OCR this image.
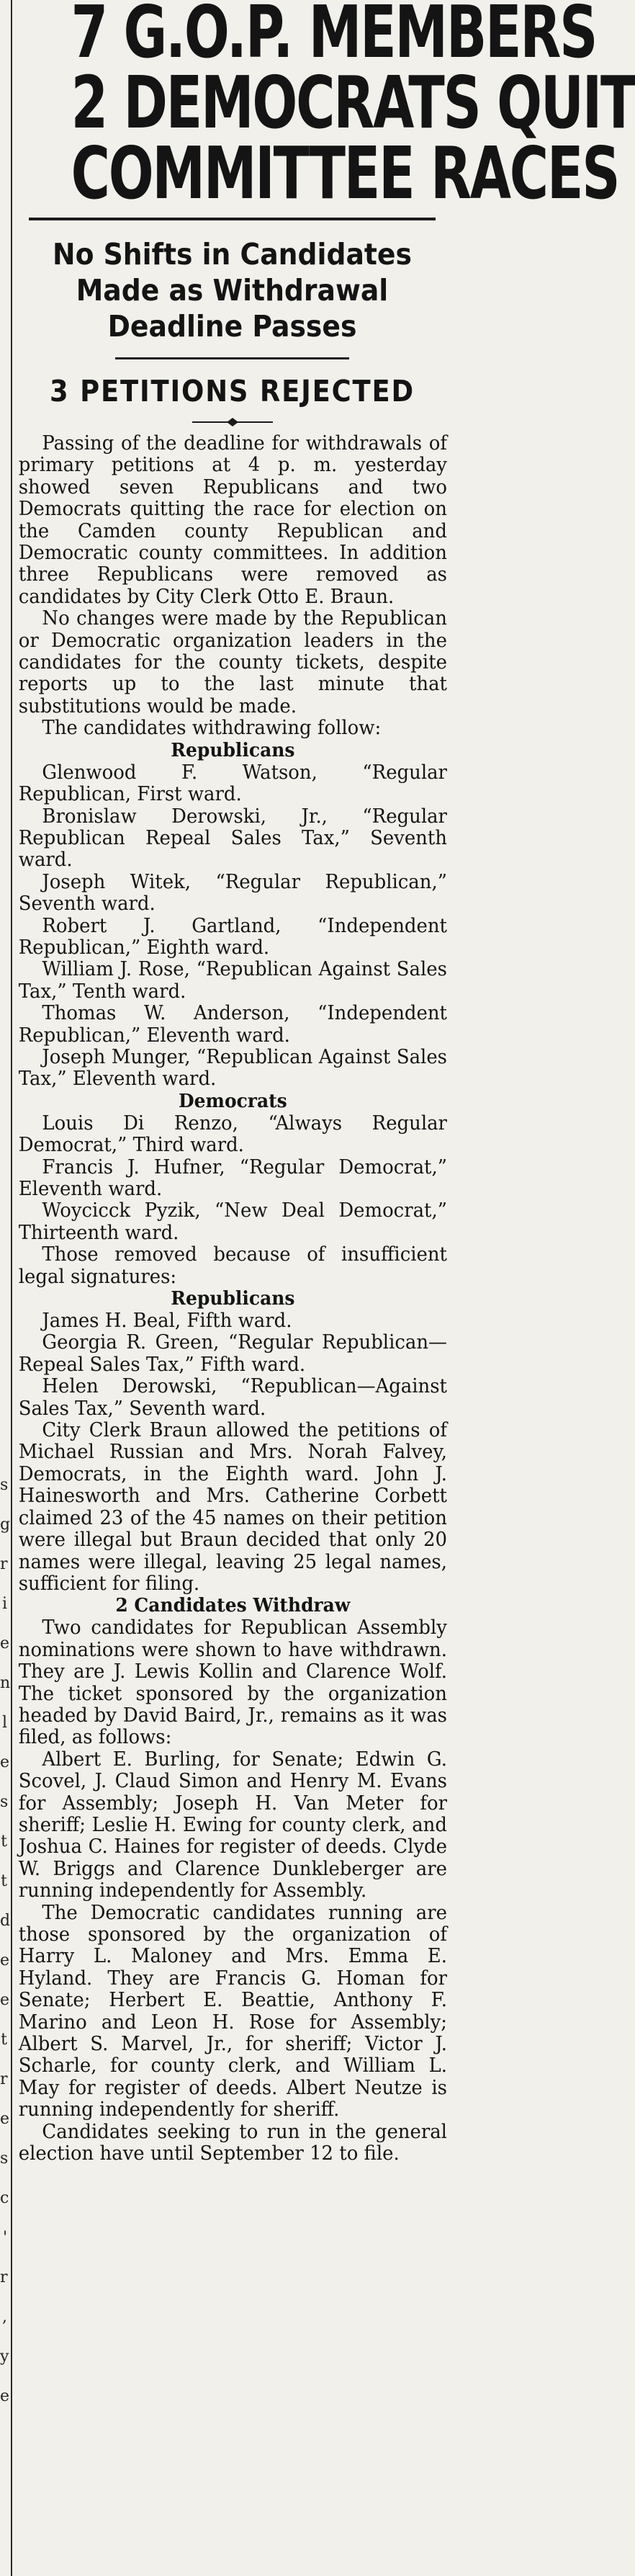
s
g
r
i
e
n
l
e
s
t
t
d
e
e
t
r
e
s
c
'
r
,
y
e
7 G.O.P. MEMBERS
2 DEMOCRATS QUIT
COMMITTEE RACES
No Shifts in Candidates
Made as Withdrawal
Deadline Passes
3 PETITIONS REJECTED

Passing of the deadline for withdrawals of primary petitions at 4 p. m. yesterday showed seven Republicans and two Democrats quitting the race for election on the Camden county Republican and Democratic county committees. In addition three Republicans were removed as candidates by City Clerk Otto E. Braun.

No changes were made by the Republican or Democratic organization leaders in the candidates for the county tickets, despite reports up to the last minute that substitutions would be made.

The candidates withdrawing follow:

Republicans

Glenwood F. Watson, “Regular Republican, First ward.

Bronislaw Derowski, Jr., “Regular Republican Repeal Sales Tax,” Seventh ward.

Joseph Witek, “Regular Republican,” Seventh ward.

Robert J. Gartland, “Independent Republican,” Eighth ward.

William J. Rose, “Republican Against Sales Tax,” Tenth ward.

Thomas W. Anderson, “Independent Republican,” Eleventh ward.

Joseph Munger, “Republican Against Sales Tax,” Eleventh ward.

Democrats

Louis Di Renzo, “Always Regular Democrat,” Third ward.

Francis J. Hufner, “Regular Democrat,” Eleventh ward.

Woycicck Pyzik, “New Deal Democrat,” Thirteenth ward.

Those removed because of insufficient legal signatures:

Republicans

James H. Beal, Fifth ward.

Georgia R. Green, “Regular Republican—Repeal Sales Tax,” Fifth ward.

Helen Derowski, “Republican—Against Sales Tax,” Seventh ward.

City Clerk Braun allowed the petitions of Michael Russian and Mrs. Norah Falvey, Democrats, in the Eighth ward. John J. Hainesworth and Mrs. Catherine Corbett claimed 23 of the 45 names on their petition were illegal but Braun decided that only 20 names were illegal, leaving 25 legal names, sufficient for filing.

2 Candidates Withdraw

Two candidates for Republican Assembly nominations were shown to have withdrawn. They are J. Lewis Kollin and Clarence Wolf. The ticket sponsored by the organization headed by David Baird, Jr., remains as it was filed, as follows:

Albert E. Burling, for Senate; Edwin G. Scovel, J. Claud Simon and Henry M. Evans for Assembly; Joseph H. Van Meter for sheriff; Leslie H. Ewing for county clerk, and Joshua C. Haines for register of deeds. Clyde W. Briggs and Clarence Dunkleberger are running independently for Assembly.

The Democratic candidates running are those sponsored by the organization of Harry L. Maloney and Mrs. Emma E. Hyland. They are Francis G. Homan for Senate; Herbert E. Beattie, Anthony F. Marino and Leon H. Rose for Assembly; Albert S. Marvel, Jr., for sheriff; Victor J. Scharle, for county clerk, and William L. May for register of deeds. Albert Neutze is running independently for sheriff.

Candidates seeking to run in the general election have until September 12 to file.
